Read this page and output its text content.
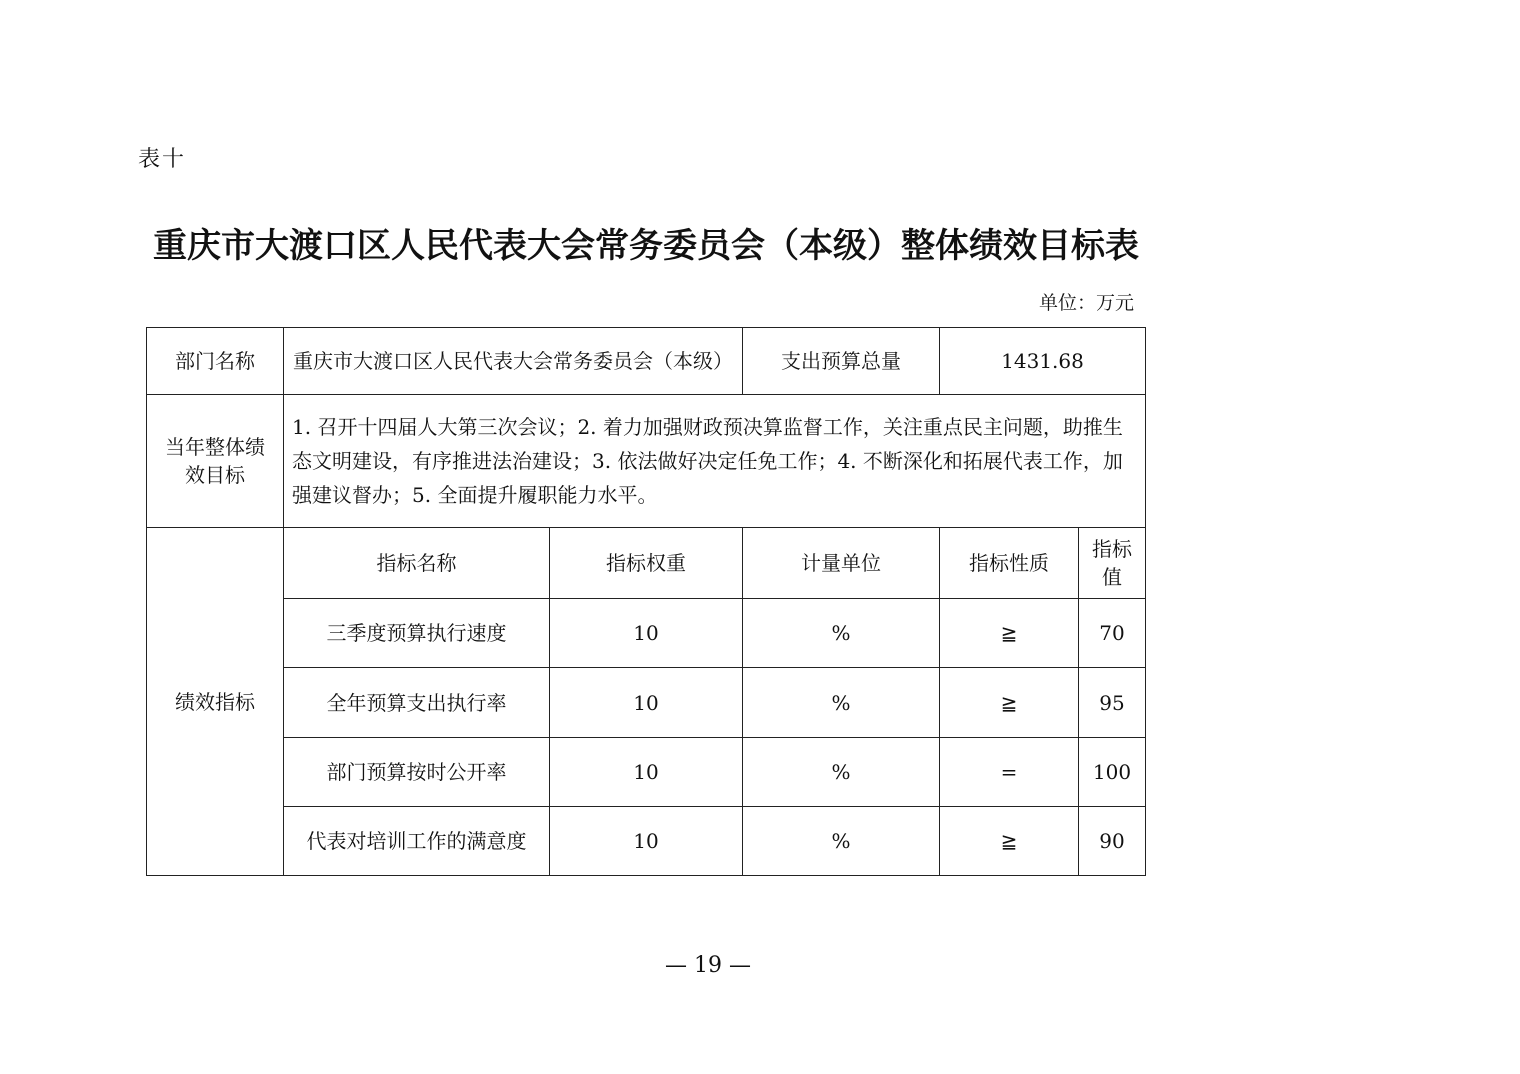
表十
重庆市大渡口区人民代表大会常务委员会（本级）整体绩效目标表
单位：万元
部门名称	重庆市大渡口区人民代表大会常务委员会（本级）		支出预算总量	1431.68	
当年整体绩效目标	1. 召开十四届人大第三次会议；2. 着力加强财政预决算监督工作，关注重点民主问题，助推生态文明建设，有序推进法治建设；3. 依法做好决定任免工作；4. 不断深化和拓展代表工作，加强建议督办；5. 全面提升履职能力水平。				
绩效指标	指标名称	指标权重	计量单位	指标性质	指标值
	三季度预算执行速度	10	%	≧	70
	全年预算支出执行率	10	%	≧	95
	部门预算按时公开率	10	%	=	100
	代表对培训工作的满意度	10	%	≧	90
— 19 —
